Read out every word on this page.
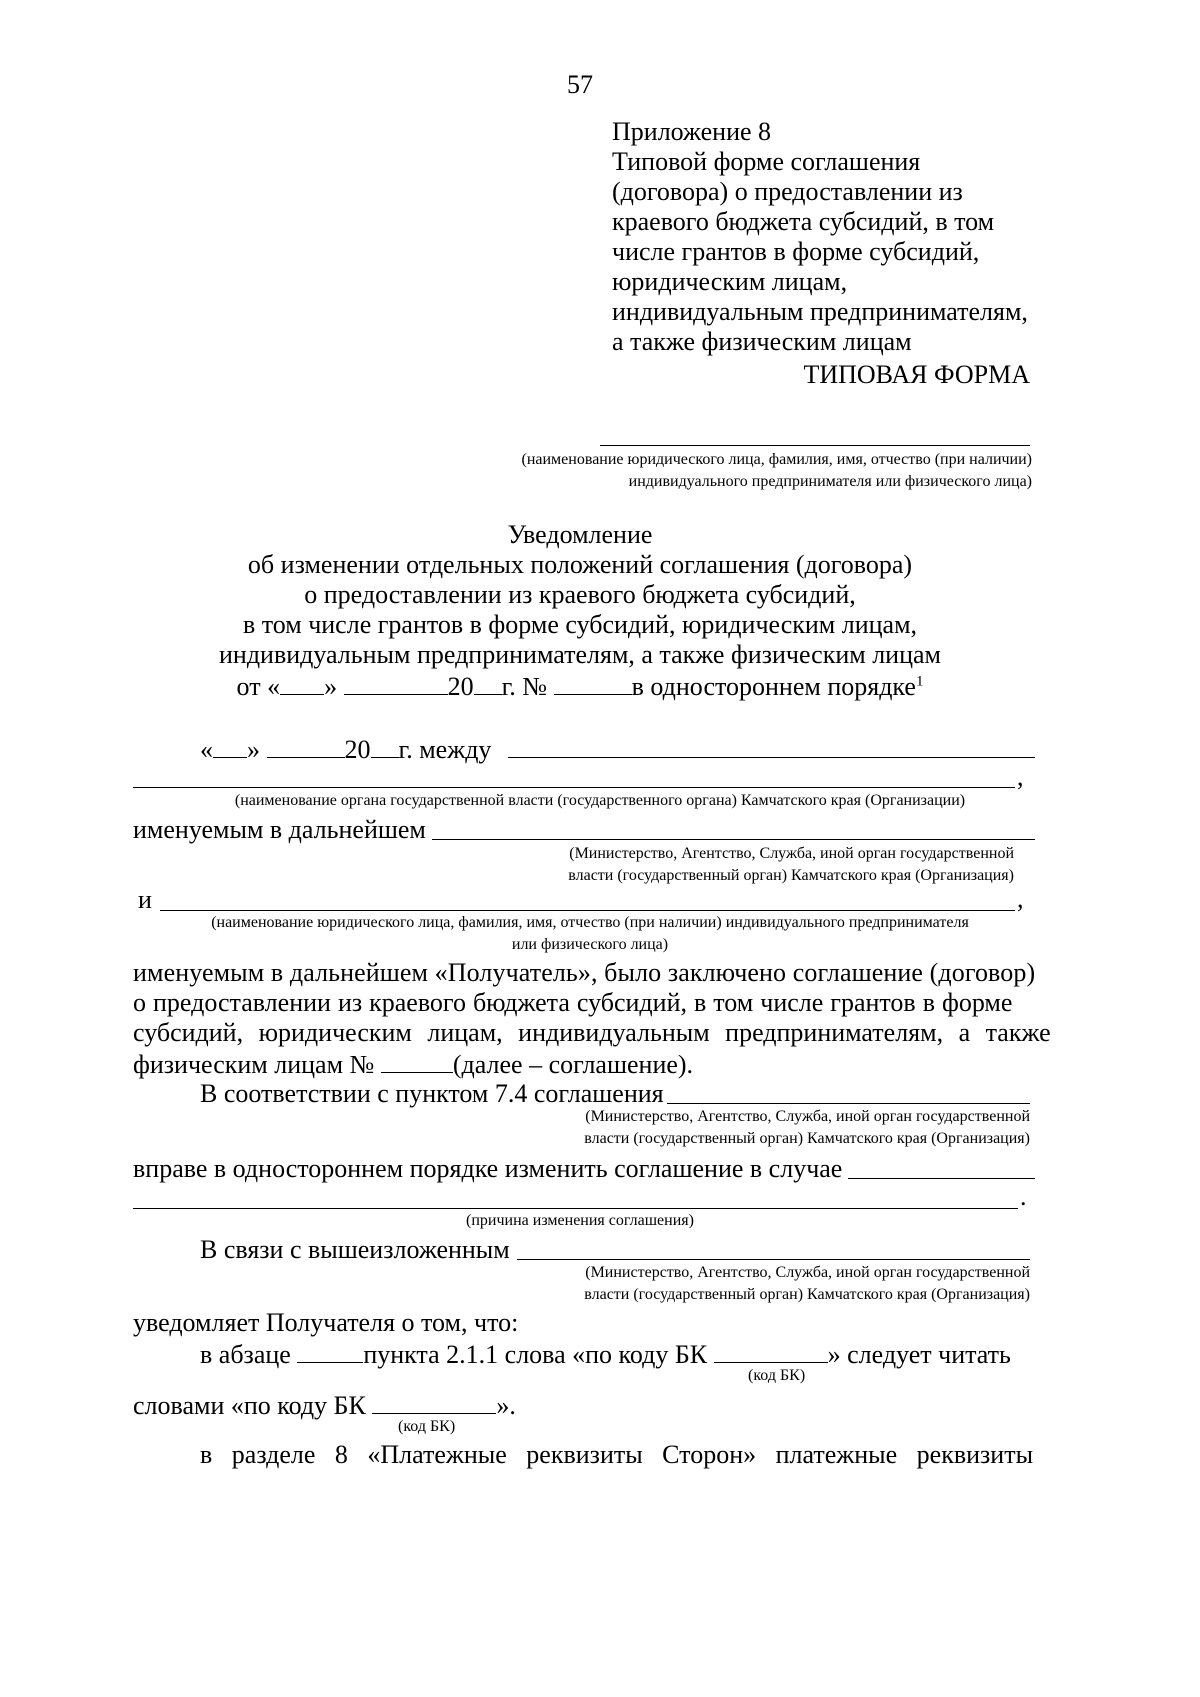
57
Приложение 8
Типовой форме соглашения
(договора) о предоставлении из
краевого бюджета субсидий, в том
числе грантов в форме субсидий,
юридическим лицам,
индивидуальным предпринимателям,
а также физическим лицам
ТИПОВАЯ ФОРМА
(наименование юридического лица, фамилия, имя, отчество (при наличии)
индивидуального предпринимателя или физического лица)
Уведомление
об изменении отдельных положений соглашения (договора)
о предоставлении из краевого бюджета субсидий,
в том числе грантов в форме субсидий, юридическим лицам,
индивидуальным предпринимателям, а также физическим лицам
от « »	20 г. №	в одностороннем порядке$^1$
« »	20 г. между
,
(наименование органа государственной власти (государственного органа) Камчатского края (Организации)
именуемым в дальнейшем
(Министерство, Агентство, Служба, иной орган государственной
власти (государственный орган) Камчатского края (Организация)
и	,
(наименование юридического лица, фамилия, имя, отчество (при наличии) индивидуального предпринимателя
или физического лица)
именуемым в дальнейшем «Получатель», было заключено соглашение (договор)
о предоставлении из краевого бюджета субсидий, в том числе грантов в форме
субсидий, юридическим лицам, индивидуальным предпринимателям, а также
физическим лицам №	(далее – соглашение).
В соответствии с пунктом 7.4 соглашения
(Министерство, Агентство, Служба, иной орган государственной
власти (государственный орган) Камчатского края (Организация)
вправе в одностороннем порядке изменить соглашение в случае
.
(причина изменения соглашения)
В связи с вышеизложенным
(Министерство, Агентство, Служба, иной орган государственной
власти (государственный орган) Камчатского края (Организация)
уведомляет Получателя о том, что:
в абзаце	пункта 2.1.1 слова «по коду БК	» следует читать
(код БК)
словами «по коду БК	».
(код БК)
в разделе 8 «Платежные реквизиты Сторон» платежные реквизиты
